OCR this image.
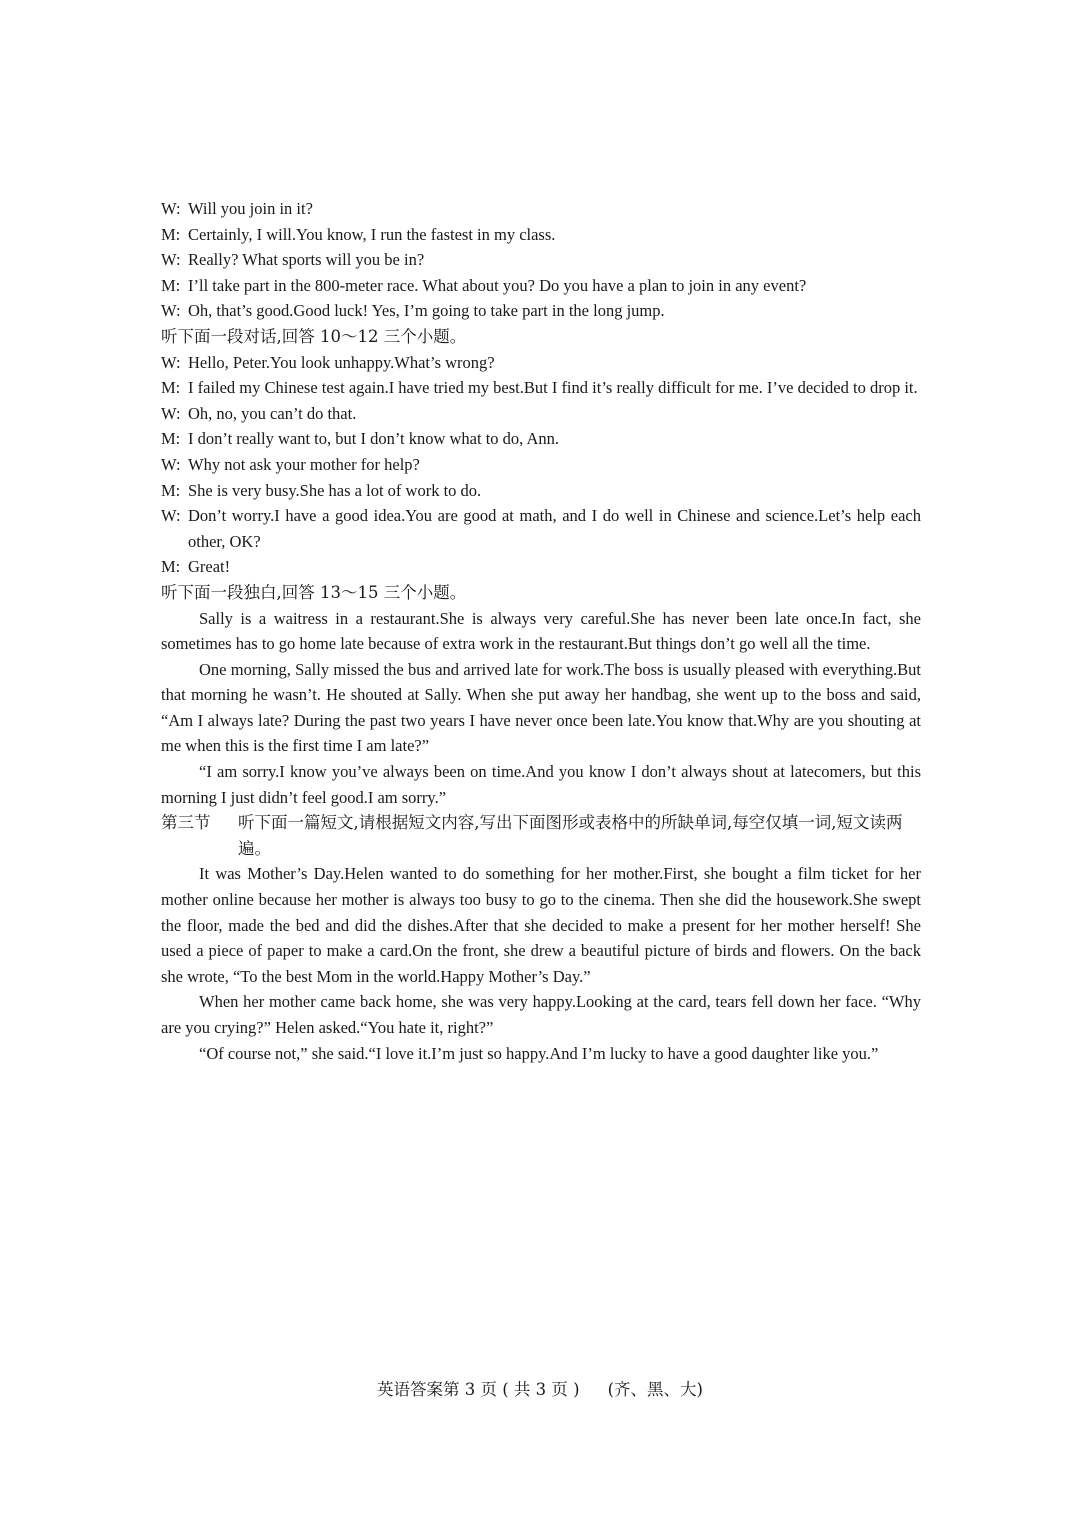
W: Will you join in it?

M: Certainly, I will.You know, I run the fastest in my class.

W: Really? What sports will you be in?

M: I’ll take part in the 800-meter race. What about you? Do you have a plan to join in any event?

W: Oh, that’s good.Good luck! Yes, I’m going to take part in the long jump.

听下面一段对话,回答 10～12 三个小题。

W: Hello, Peter.You look unhappy.What’s wrong?

M: I failed my Chinese test again.I have tried my best.But I find it’s really difficult for me. I’ve decided to drop it.

W: Oh, no, you can’t do that.

M: I don’t really want to, but I don’t know what to do, Ann.

W: Why not ask your mother for help?

M: She is very busy.She has a lot of work to do.

W: Don’t worry.I have a good idea.You are good at math, and I do well in Chinese and science.Let’s help each other, OK?

M: Great!

听下面一段独白,回答 13～15 三个小题。

Sally is a waitress in a restaurant.She is always very careful.She has never been late once.In fact, she sometimes has to go home late because of extra work in the restaurant.But things don’t go well all the time.

One morning, Sally missed the bus and arrived late for work.The boss is usually pleased with everything.But that morning he wasn’t. He shouted at Sally. When she put away her handbag, she went up to the boss and said, “Am I always late? During the past two years I have never once been late.You know that.Why are you shouting at me when this is the first time I am late?”

“I am sorry.I know you’ve always been on time.And you know I don’t always shout at latecomers, but this morning I just didn’t feel good.I am sorry.”

第三节 听下面一篇短文,请根据短文内容,写出下面图形或表格中的所缺单词,每空仅填一词,短文读两遍。

It was Mother’s Day.Helen wanted to do something for her mother.First, she bought a film ticket for her mother online because her mother is always too busy to go to the cinema. Then she did the housework.She swept the floor, made the bed and did the dishes.After that she decided to make a present for her mother herself! She used a piece of paper to make a card.On the front, she drew a beautiful picture of birds and flowers. On the back she wrote, “To the best Mom in the world.Happy Mother’s Day.”

When her mother came back home, she was very happy.Looking at the card, tears fell down her face. “Why are you crying?” Helen asked.“You hate it, right?”

“Of course not,” she said.“I love it.I’m just so happy.And I’m lucky to have a good daughter like you.”

英语答案第 3 页 ( 共 3 页 ) (齐、黑、大)
